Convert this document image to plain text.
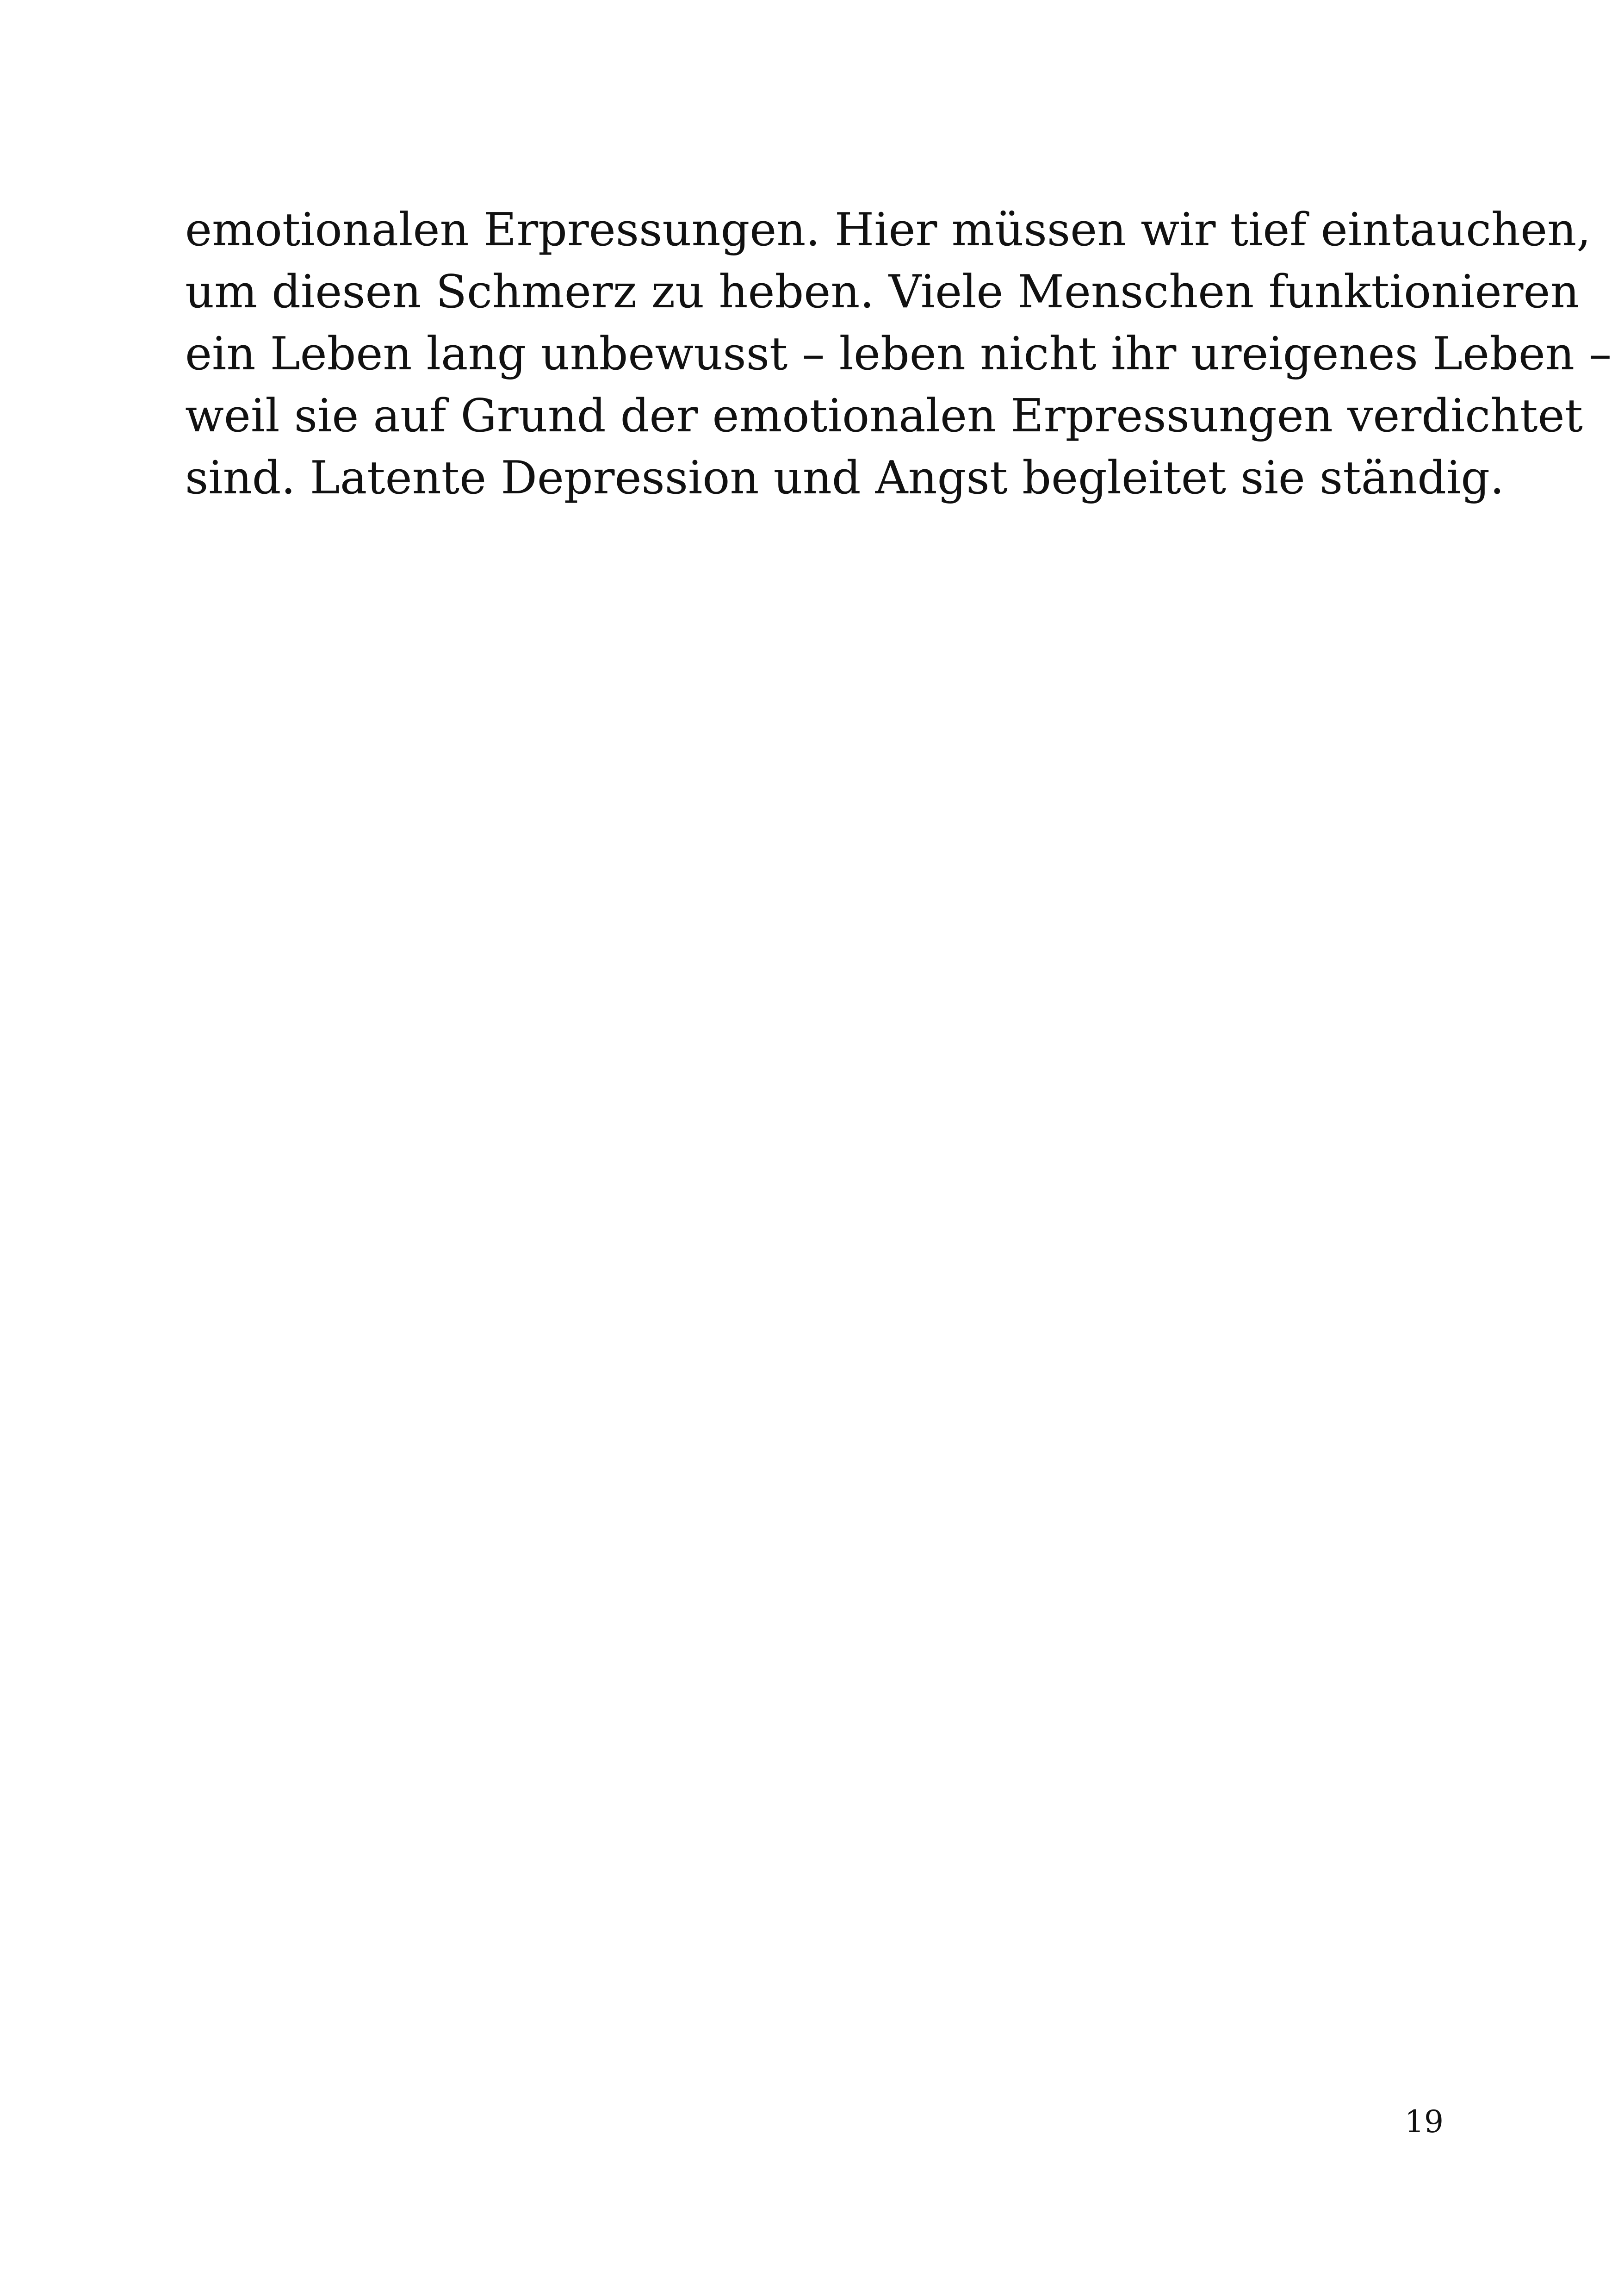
emotionalen Erpressungen. Hier müssen wir tief eintauchen,
um diesen Schmerz zu heben. Viele Menschen funktionieren
ein Leben lang unbewusst – leben nicht ihr ureigenes Leben –
weil sie auf Grund der emotionalen Erpressungen verdichtet
sind. Latente Depression und Angst begleitet sie ständig.
19
